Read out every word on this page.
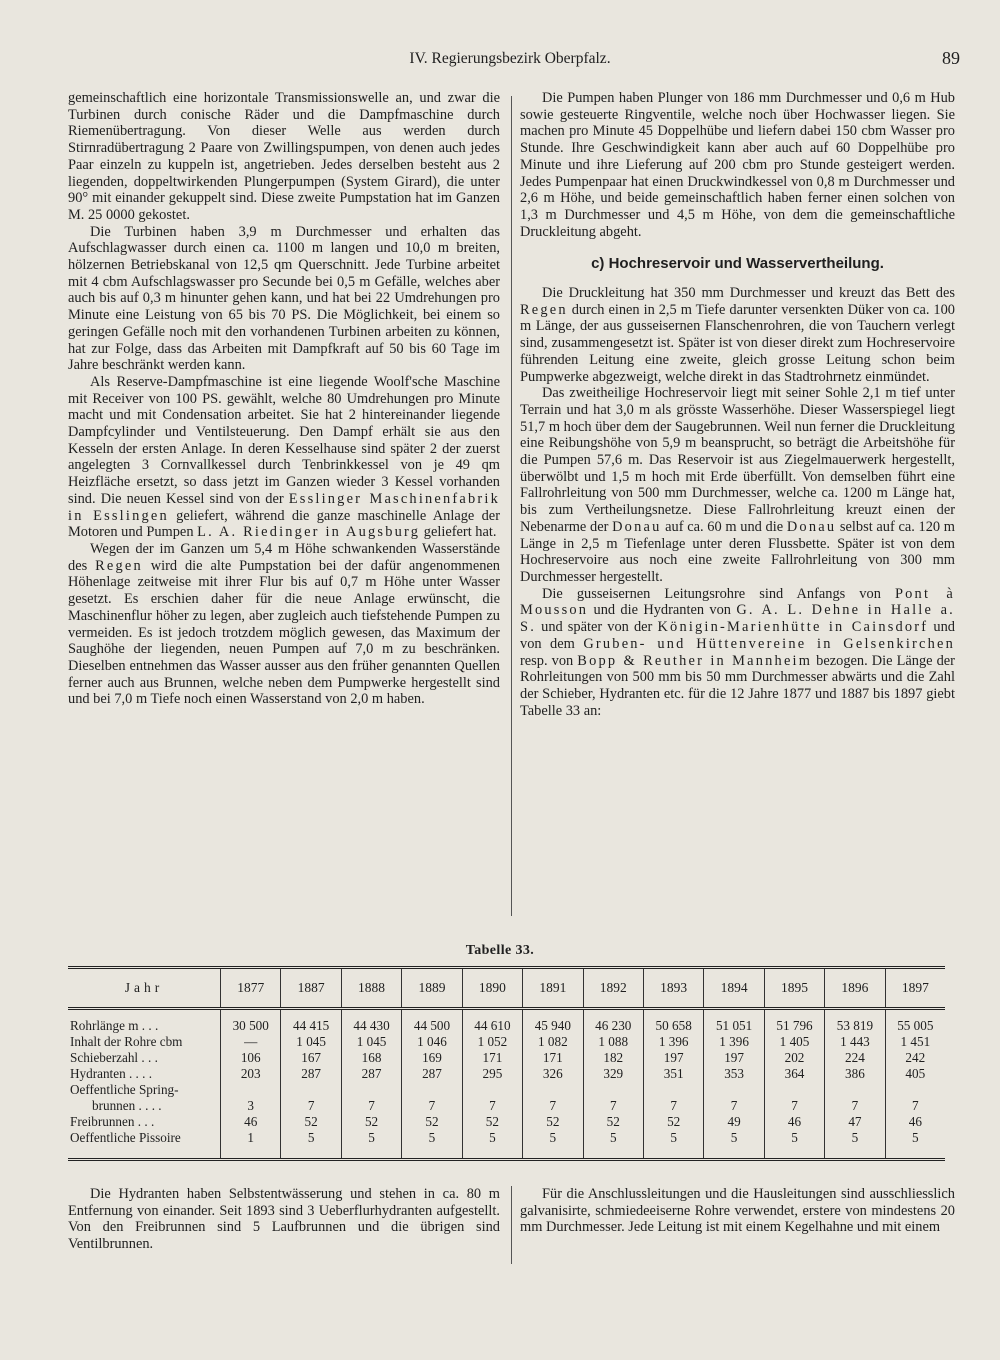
IV. Regierungsbezirk Oberpfalz.	89

gemeinschaftlich eine horizontale Transmissionswelle an, und zwar die Turbinen durch conische Räder und die Dampfmaschine durch Riemenübertragung. Von dieser Welle aus werden durch Stirnradübertragung 2 Paare von Zwillingspumpen, von denen auch jedes Paar einzeln zu kuppeln ist, angetrieben. Jedes derselben besteht aus 2 liegenden, doppeltwirkenden Plungerpumpen (System Girard), die unter 90° mit einander gekuppelt sind. Diese zweite Pumpstation hat im Ganzen M. 25 0000 gekostet.

Die Turbinen haben 3,9 m Durchmesser und erhalten das Aufschlagwasser durch einen ca. 1100 m langen und 10,0 m breiten, hölzernen Betriebskanal von 12,5 qm Querschnitt. Jede Turbine arbeitet mit 4 cbm Aufschlagswasser pro Secunde bei 0,5 m Gefälle, welches aber auch bis auf 0,3 m hinunter gehen kann, und hat bei 22 Umdrehungen pro Minute eine Leistung von 65 bis 70 PS. Die Möglichkeit, bei einem so geringen Gefälle noch mit den vorhandenen Turbinen arbeiten zu können, hat zur Folge, dass das Arbeiten mit Dampfkraft auf 50 bis 60 Tage im Jahre beschränkt werden kann.

Als Reserve-Dampfmaschine ist eine liegende Woolf'sche Maschine mit Receiver von 100 PS. gewählt, welche 80 Umdrehungen pro Minute macht und mit Condensation arbeitet. Sie hat 2 hintereinander liegende Dampfcylinder und Ventilsteuerung. Den Dampf erhält sie aus den Kesseln der ersten Anlage. In deren Kesselhause sind später 2 der zuerst angelegten 3 Cornvallkessel durch Tenbrinkkessel von je 49 qm Heizfläche ersetzt, so dass jetzt im Ganzen wieder 3 Kessel vorhanden sind. Die neuen Kessel sind von der Esslinger Maschinenfabrik in Esslingen geliefert, während die ganze maschinelle Anlage der Motoren und Pumpen L. A. Riedinger in Augsburg geliefert hat.

Wegen der im Ganzen um 5,4 m Höhe schwankenden Wasserstände des Regen wird die alte Pumpstation bei der dafür angenommenen Höhenlage zeitweise mit ihrer Flur bis auf 0,7 m Höhe unter Wasser gesetzt. Es erschien daher für die neue Anlage erwünscht, die Maschinenflur höher zu legen, aber zugleich auch tiefstehende Pumpen zu vermeiden. Es ist jedoch trotzdem möglich gewesen, das Maximum der Saughöhe der liegenden, neuen Pumpen auf 7,0 m zu beschränken. Dieselben entnehmen das Wasser ausser aus den früher genannten Quellen ferner auch aus Brunnen, welche neben dem Pumpwerke hergestellt sind und bei 7,0 m Tiefe noch einen Wasserstand von 2,0 m haben.

Die Pumpen haben Plunger von 186 mm Durchmesser und 0,6 m Hub sowie gesteuerte Ringventile, welche noch über Hochwasser liegen. Sie machen pro Minute 45 Doppelhübe und liefern dabei 150 cbm Wasser pro Stunde. Ihre Geschwindigkeit kann aber auch auf 60 Doppelhübe pro Minute und ihre Lieferung auf 200 cbm pro Stunde gesteigert werden. Jedes Pumpenpaar hat einen Druckwindkessel von 0,8 m Durchmesser und 2,6 m Höhe, und beide gemeinschaftlich haben ferner einen solchen von 1,3 m Durchmesser und 4,5 m Höhe, von dem die gemeinschaftliche Druckleitung abgeht.

c) Hochreservoir und Wasservertheilung.

Die Druckleitung hat 350 mm Durchmesser und kreuzt das Bett des Regen durch einen in 2,5 m Tiefe darunter versenkten Düker von ca. 100 m Länge, der aus gusseisernen Flanschenrohren, die von Tauchern verlegt sind, zusammengesetzt ist. Später ist von dieser direkt zum Hochreservoire führenden Leitung eine zweite, gleich grosse Leitung schon beim Pumpwerke abgezweigt, welche direkt in das Stadtrohrnetz einmündet.

Das zweitheilige Hochreservoir liegt mit seiner Sohle 2,1 m tief unter Terrain und hat 3,0 m als grösste Wasserhöhe. Dieser Wasserspiegel liegt 51,7 m hoch über dem der Saugebrunnen. Weil nun ferner die Druckleitung eine Reibungshöhe von 5,9 m beansprucht, so beträgt die Arbeitshöhe für die Pumpen 57,6 m. Das Reservoir ist aus Ziegelmauerwerk hergestellt, überwölbt und 1,5 m hoch mit Erde überfüllt. Von demselben führt eine Fallrohrleitung von 500 mm Durchmesser, welche ca. 1200 m Länge hat, bis zum Vertheilungsnetze. Diese Fallrohrleitung kreuzt einen der Nebenarme der Donau auf ca. 60 m und die Donau selbst auf ca. 120 m Länge in 2,5 m Tiefenlage unter deren Flussbette. Später ist von dem Hochreservoire aus noch eine zweite Fallrohrleitung von 300 mm Durchmesser hergestellt.

Die gusseisernen Leitungsrohre sind Anfangs von Pont à Mousson und die Hydranten von G. A. L. Dehne in Halle a. S. und später von der Königin-Marienhütte in Cainsdorf und von dem Gruben- und Hüttenvereine in Gelsenkirchen resp. von Bopp & Reuther in Mannheim bezogen. Die Länge der Rohrleitungen von 500 mm bis 50 mm Durchmesser abwärts und die Zahl der Schieber, Hydranten etc. für die 12 Jahre 1877 und 1887 bis 1897 giebt Tabelle 33 an:

Tabelle 33.
Jahr	1877	1887	1888	1889	1890	1891	1892	1893	1894	1895	1896	1897
Rohrlänge m . . .	30 500	44 415	44 430	44 500	44 610	45 940	46 230	50 658	51 051	51 796	53 819	55 005
Inhalt der Rohre cbm	—	1 045	1 045	1 046	1 052	1 082	1 088	1 396	1 396	1 405	1 443	1 451
Schieberzahl . . .	106	167	168	169	171	171	182	197	197	202	224	242
Hydranten . . . .	203	287	287	287	295	326	329	351	353	364	386	405

Oeffentliche Spring-
brunnen . . . .	3	7	7	7	7	7	7	7	7	7	7	7
Freibrunnen . . .	46	52	52	52	52	52	52	52	49	46	47	46
Oeffentliche Pissoire	1	5	5	5	5	5	5	5	5	5	5	5

Die Hydranten haben Selbstentwässerung und stehen in ca. 80 m Entfernung von einander. Seit 1893 sind 3 Ueberflurhydranten aufgestellt. Von den Freibrunnen sind 5 Laufbrunnen und die übrigen sind Ventilbrunnen.

Für die Anschlussleitungen und die Hausleitungen sind ausschliesslich galvanisirte, schmiedeeiserne Rohre verwendet, erstere von mindestens 20 mm Durchmesser. Jede Leitung ist mit einem Kegelhahne und mit einem
